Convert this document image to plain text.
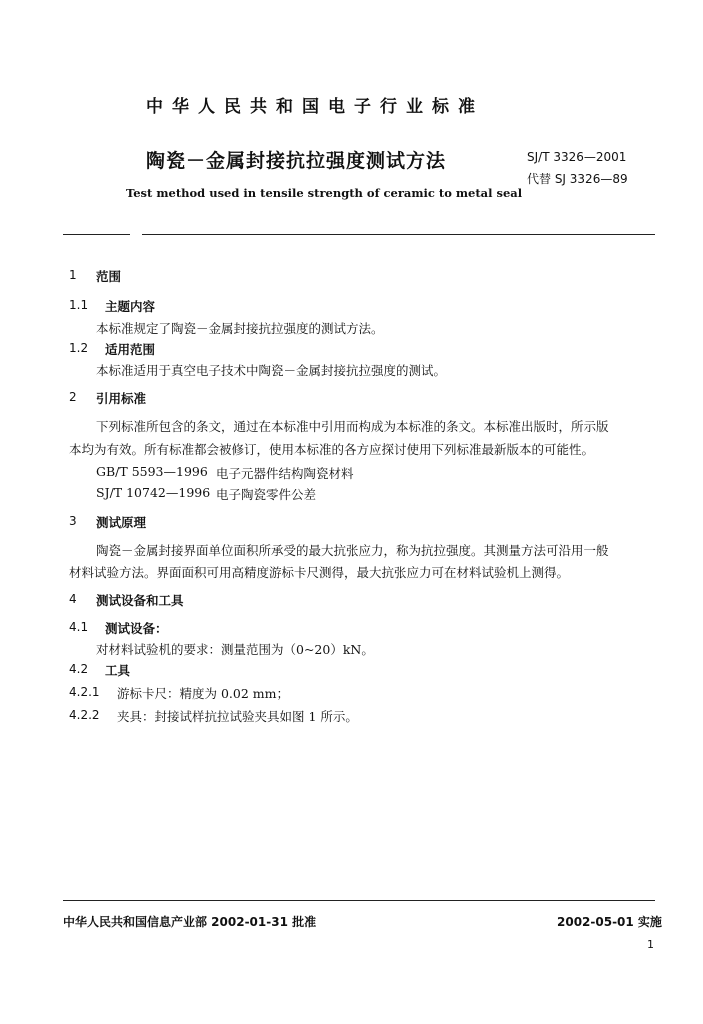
中华人民共和国电子行业标准
陶瓷－金属封接抗拉强度测试方法	SJ/T 3326—2001
代替 SJ 3326—89
Test method used in tensile strength of ceramic to metal seal
1 范围
1.1 主题内容
本标准规定了陶瓷－金属封接抗拉强度的测试方法。
1.2 适用范围
本标准适用于真空电子技术中陶瓷－金属封接抗拉强度的测试。
2 引用标准
下列标准所包含的条文，通过在本标准中引用而构成为本标准的条文。本标准出版时，所示版
本均为有效。所有标准都会被修订，使用本标准的各方应探讨使用下列标准最新版本的可能性。
GB/T 5593—1996 电子元器件结构陶瓷材料
SJ/T 10742—1996 电子陶瓷零件公差
3 测试原理
陶瓷－金属封接界面单位面积所承受的最大抗张应力，称为抗拉强度。其测量方法可沿用一般
材料试验方法。界面面积可用高精度游标卡尺测得，最大抗张应力可在材料试验机上测得。
4 测试设备和工具
4.1 测试设备：
对材料试验机的要求：测量范围为（0~20）kN。
4.2 工具
4.2.1 游标卡尺：精度为 0.02 mm；
4.2.2 夹具：封接试样抗拉试验夹具如图 1 所示。
中华人民共和国信息产业部 2002-01-31 批准	2002-05-01 实施
1
